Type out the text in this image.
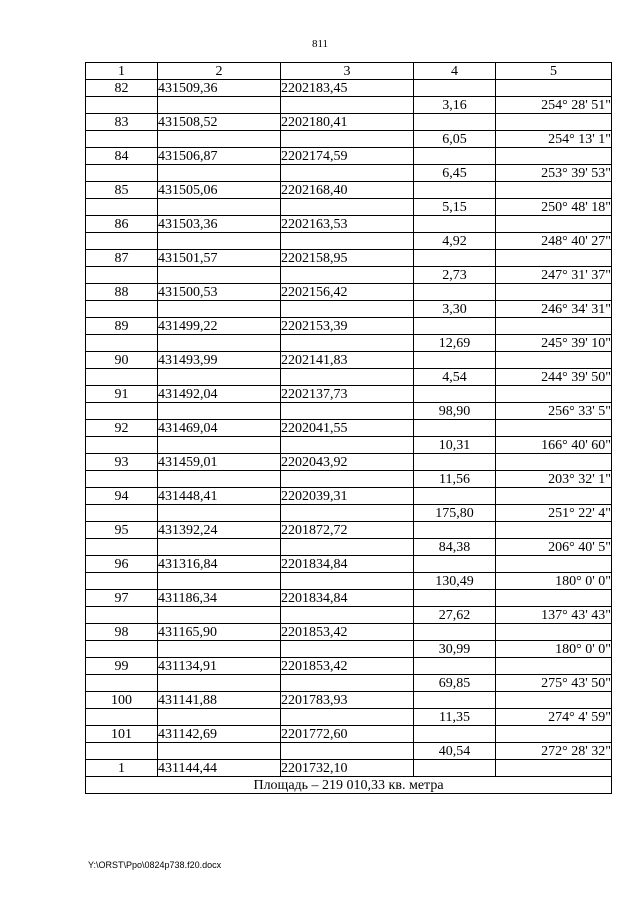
811
1	2	3	4	5
82	431509,36	2202183,45		
			3,16	254° 28' 51"
83	431508,52	2202180,41		
			6,05	254° 13' 1"
84	431506,87	2202174,59		
			6,45	253° 39' 53"
85	431505,06	2202168,40		
			5,15	250° 48' 18"
86	431503,36	2202163,53		
			4,92	248° 40' 27"
87	431501,57	2202158,95		
			2,73	247° 31' 37"
88	431500,53	2202156,42		
			3,30	246° 34' 31"
89	431499,22	2202153,39		
			12,69	245° 39' 10"
90	431493,99	2202141,83		
			4,54	244° 39' 50"
91	431492,04	2202137,73		
			98,90	256° 33' 5"
92	431469,04	2202041,55		
			10,31	166° 40' 60"
93	431459,01	2202043,92		
			11,56	203° 32' 1"
94	431448,41	2202039,31		
			175,80	251° 22' 4"
95	431392,24	2201872,72		
			84,38	206° 40' 5"
96	431316,84	2201834,84		
			130,49	180° 0' 0"
97	431186,34	2201834,84		
			27,62	137° 43' 43"
98	431165,90	2201853,42		
			30,99	180° 0' 0"
99	431134,91	2201853,42		
			69,85	275° 43' 50"
100	431141,88	2201783,93		
			11,35	274° 4' 59"
101	431142,69	2201772,60		
			40,54	272° 28' 32"
1	431144,44	2201732,10		
Площадь – 219 010,33 кв. метра				
Y:\ORST\Ppo\0824p738.f20.docx
